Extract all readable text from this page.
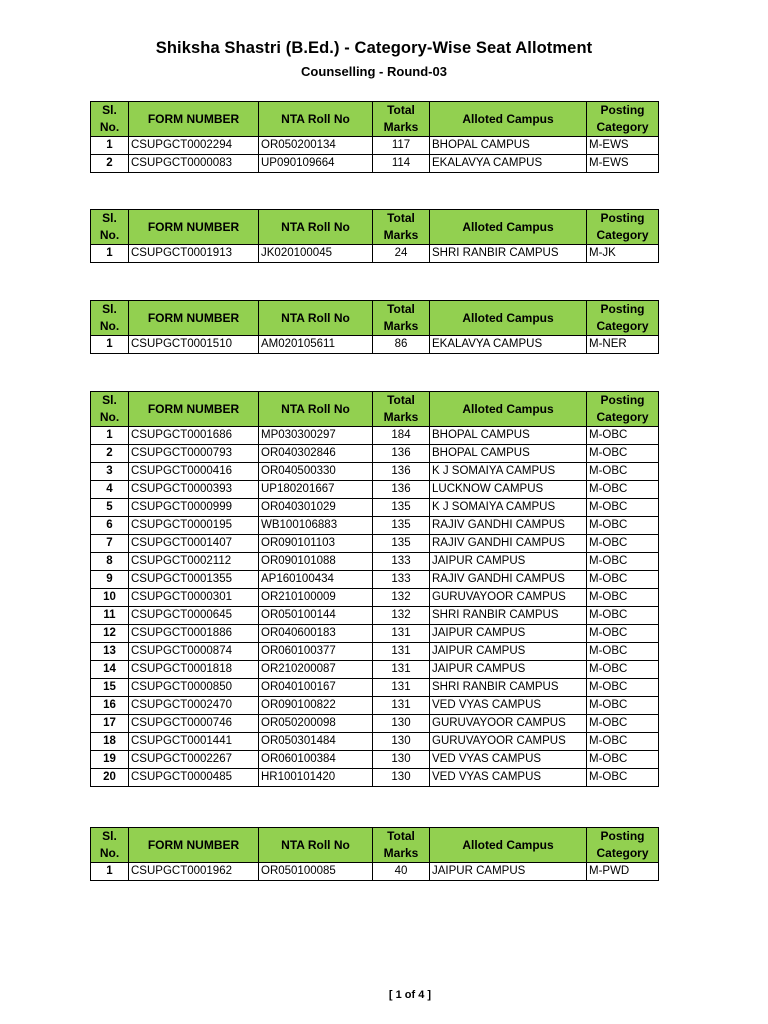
Shiksha Shastri (B.Ed.) - Category-Wise Seat Allotment
Counselling - Round-03
Sl. No.	FORM NUMBER	NTA Roll No	Total Marks	Alloted Campus	Posting Category
1	CSUPGCT0002294	OR050200134	117	BHOPAL CAMPUS	M-EWS
2	CSUPGCT0000083	UP090109664	114	EKALAVYA CAMPUS	M-EWS
Sl. No.	FORM NUMBER	NTA Roll No	Total Marks	Alloted Campus	Posting Category
1	CSUPGCT0001913	JK020100045	24	SHRI RANBIR CAMPUS	M-JK
Sl. No.	FORM NUMBER	NTA Roll No	Total Marks	Alloted Campus	Posting Category
1	CSUPGCT0001510	AM020105611	86	EKALAVYA CAMPUS	M-NER
Sl. No.	FORM NUMBER	NTA Roll No	Total Marks	Alloted Campus	Posting Category
1	CSUPGCT0001686	MP030300297	184	BHOPAL CAMPUS	M-OBC
2	CSUPGCT0000793	OR040302846	136	BHOPAL CAMPUS	M-OBC
3	CSUPGCT0000416	OR040500330	136	K J SOMAIYA CAMPUS	M-OBC
4	CSUPGCT0000393	UP180201667	136	LUCKNOW CAMPUS	M-OBC
5	CSUPGCT0000999	OR040301029	135	K J SOMAIYA CAMPUS	M-OBC
6	CSUPGCT0000195	WB100106883	135	RAJIV GANDHI CAMPUS	M-OBC
7	CSUPGCT0001407	OR090101103	135	RAJIV GANDHI CAMPUS	M-OBC
8	CSUPGCT0002112	OR090101088	133	JAIPUR CAMPUS	M-OBC
9	CSUPGCT0001355	AP160100434	133	RAJIV GANDHI CAMPUS	M-OBC
10	CSUPGCT0000301	OR210100009	132	GURUVAYOOR CAMPUS	M-OBC
11	CSUPGCT0000645	OR050100144	132	SHRI RANBIR CAMPUS	M-OBC
12	CSUPGCT0001886	OR040600183	131	JAIPUR CAMPUS	M-OBC
13	CSUPGCT0000874	OR060100377	131	JAIPUR CAMPUS	M-OBC
14	CSUPGCT0001818	OR210200087	131	JAIPUR CAMPUS	M-OBC
15	CSUPGCT0000850	OR040100167	131	SHRI RANBIR CAMPUS	M-OBC
16	CSUPGCT0002470	OR090100822	131	VED VYAS CAMPUS	M-OBC
17	CSUPGCT0000746	OR050200098	130	GURUVAYOOR CAMPUS	M-OBC
18	CSUPGCT0001441	OR050301484	130	GURUVAYOOR CAMPUS	M-OBC
19	CSUPGCT0002267	OR060100384	130	VED VYAS CAMPUS	M-OBC
20	CSUPGCT0000485	HR100101420	130	VED VYAS CAMPUS	M-OBC
Sl. No.	FORM NUMBER	NTA Roll No	Total Marks	Alloted Campus	Posting Category
1	CSUPGCT0001962	OR050100085	40	JAIPUR CAMPUS	M-PWD
[ 1 of 4 ]
